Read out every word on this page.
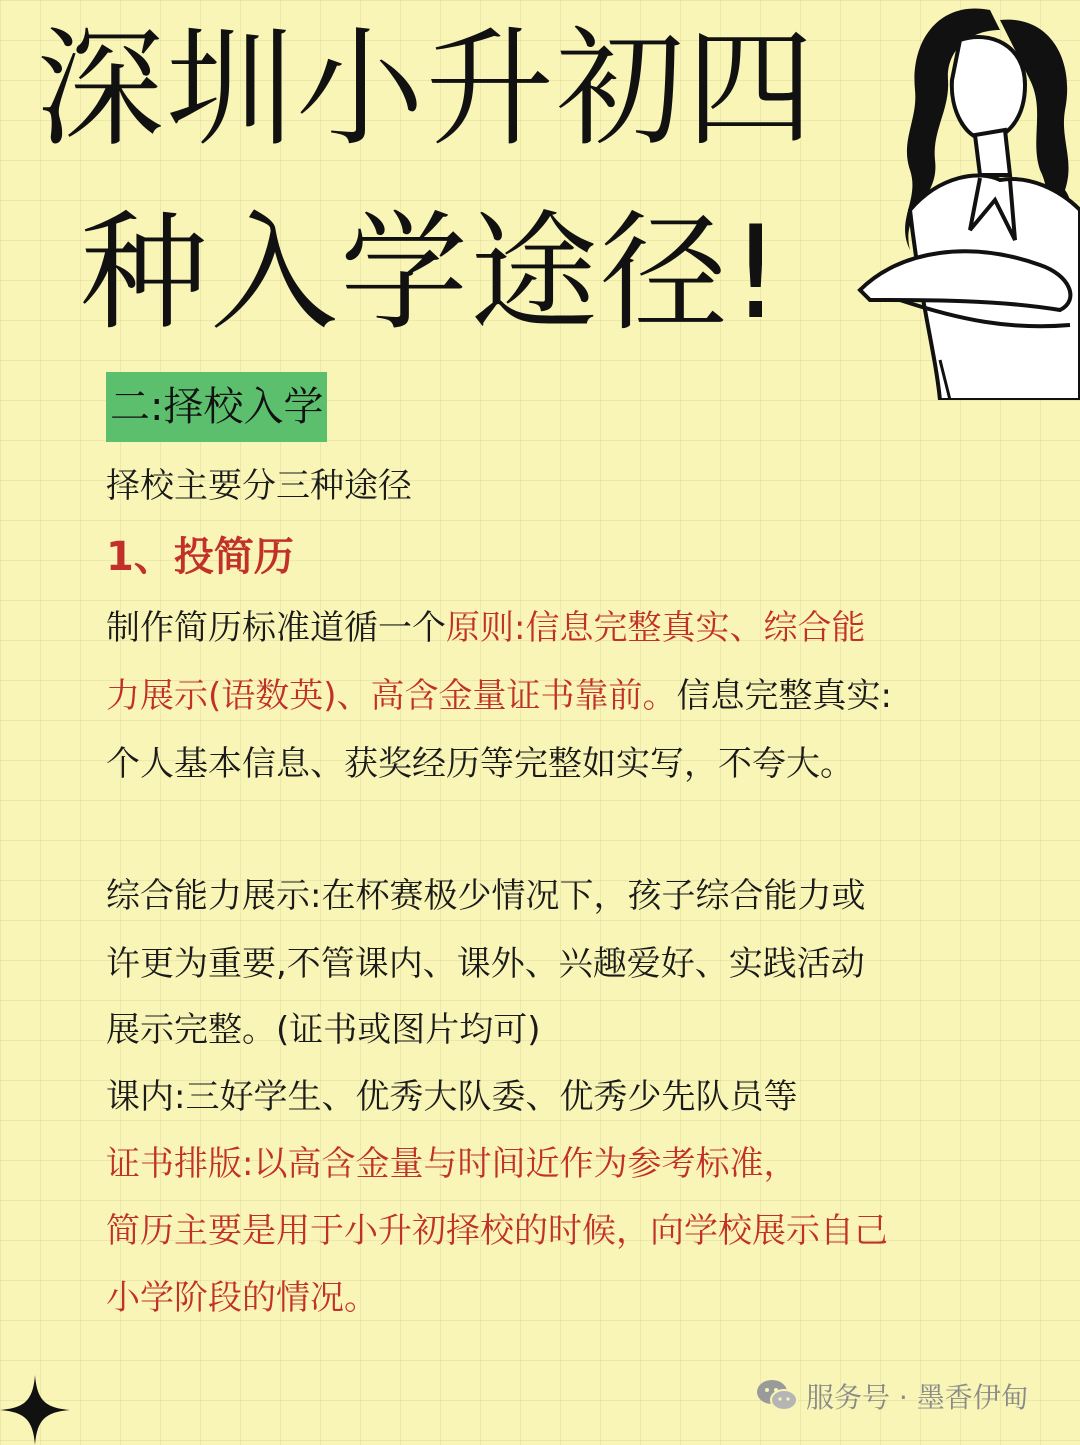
深圳小升初四
种入学途径!
二:择校入学
择校主要分三种途径
1、投简历
制作简历标准道循一个原则:信息完整真实、综合能
力展示(语数英)、高含金量证书靠前。信息完整真实:
个人基本信息、获奖经历等完整如实写，不夸大。
综合能力展示:在杯赛极少情况下，孩子综合能力或
许更为重要,不管课内、课外、兴趣爱好、实践活动
展示完整。(证书或图片均可)
课内:三好学生、优秀大队委、优秀少先队员等
证书排版:以高含金量与时间近作为参考标准，
简历主要是用于小升初择校的时候，向学校展示自己
小学阶段的情况。
服务号 · 墨香伊甸
